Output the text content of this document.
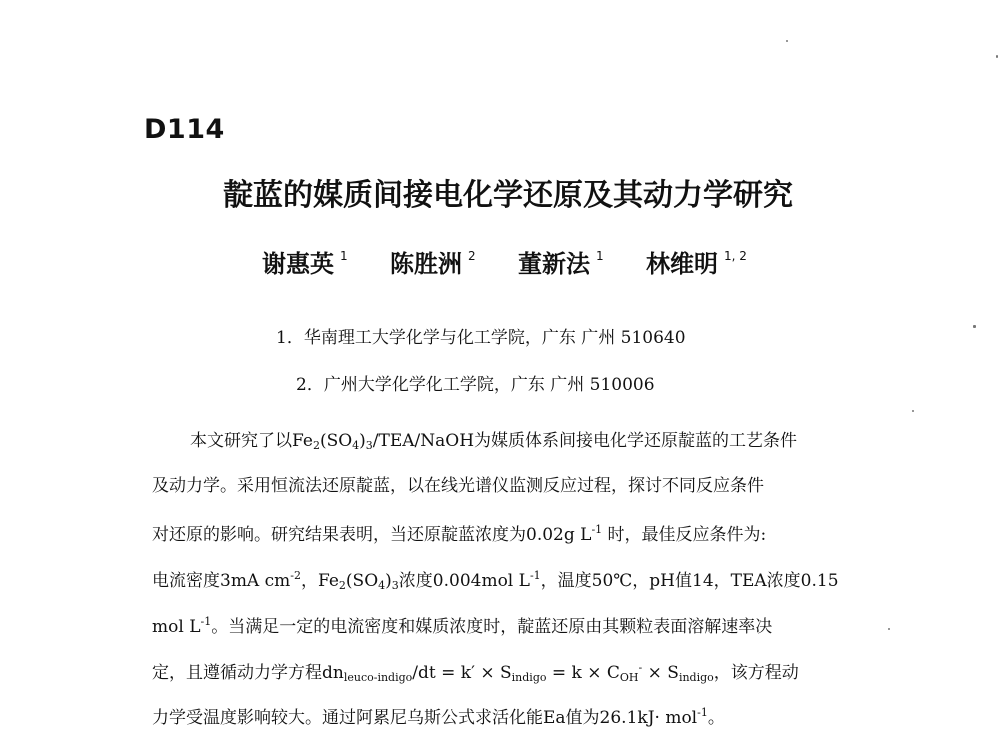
D114
靛蓝的媒质间接电化学还原及其动力学研究
谢惠英 $^1$ 陈胜洲 $^2$ 董新法 $^1$ 林维明 $^{1, 2}$
1．华南理工大学化学与化工学院，广东 广州 510640
2．广州大学化学化工学院，广东 广州 510006
本文研究了以$Fe_2(SO_4)_3/TEA$/NaOH为媒质体系间接电化学还原靛蓝的工艺条件
及动力学。采用恒流法还原靛蓝，以在线光谱仪监测反应过程，探讨不同反应条件
对还原的影响。研究结果表明，当还原靛蓝浓度为0.02g $L^{-1}$ 时，最佳反应条件为:
电流密度3mA $cm^{-2}$，$Fe_2(SO_4)_3$浓度0.004mol $L^{-1}$，温度50℃，pH值14，TEA浓度0.15
mol $L^{-1}$。当满足一定的电流密度和媒质浓度时，靛蓝还原由其颗粒表面溶解速率决
定，且遵循动力学方程$dn_{leuco-indigo}/dt = k' \times S_{indigo} = k \times C_{OH}^- \times S_{indigo}$，该方程动
力学受温度影响较大。通过阿累尼乌斯公式求活化能Ea值为26.1kJ· mol$^{-1}$。
